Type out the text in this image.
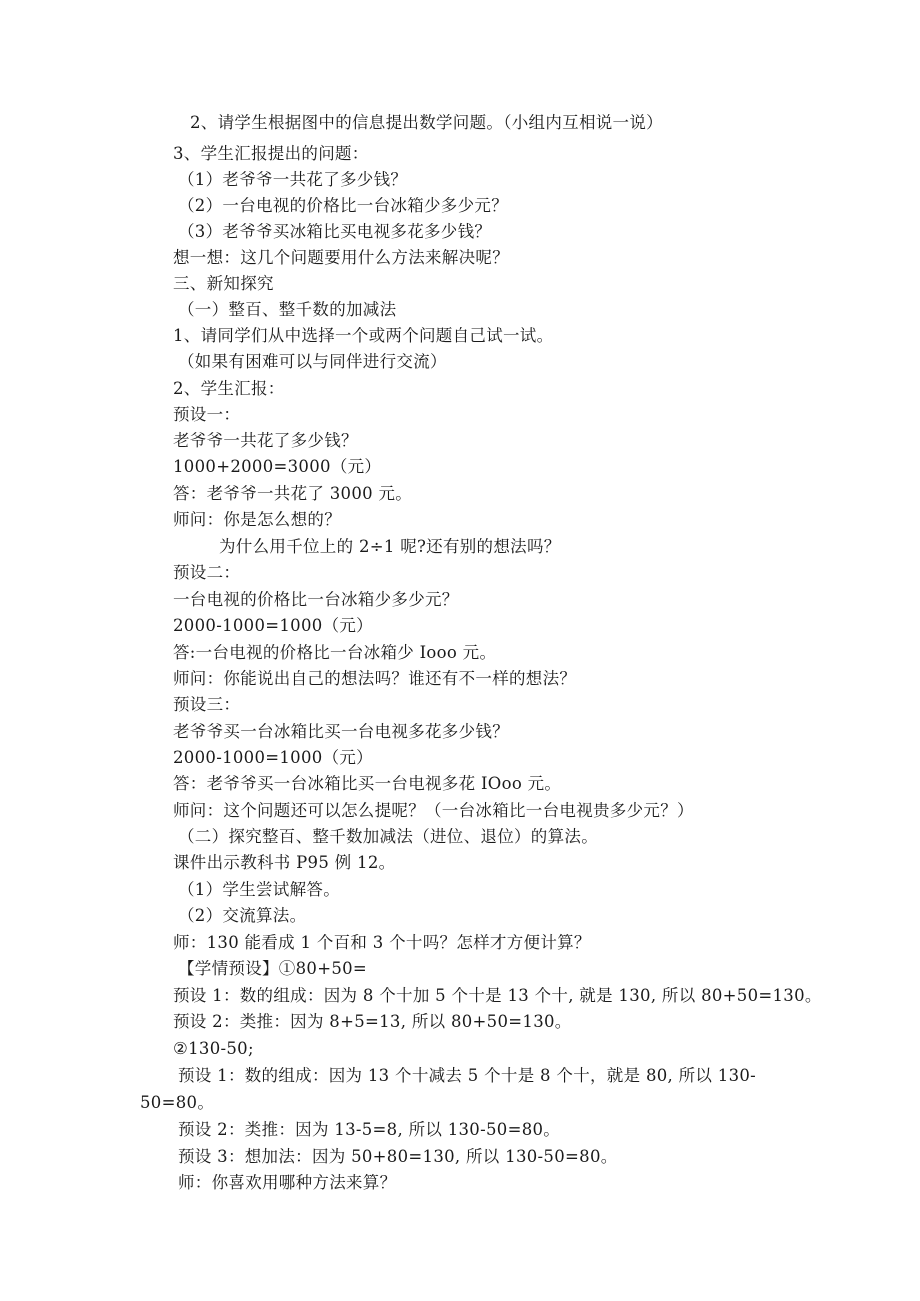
2、请学生根据图中的信息提出数学问题。（小组内互相说一说）
3、学生汇报提出的问题：
（1）老爷爷一共花了多少钱？
（2）一台电视的价格比一台冰箱少多少元？
（3）老爷爷买冰箱比买电视多花多少钱？
想一想：这几个问题要用什么方法来解决呢？
三、新知探究
（一）整百、整千数的加减法
1、请同学们从中选择一个或两个问题自己试一试。
（如果有困难可以与同伴进行交流）
2、学生汇报：
预设一：
老爷爷一共花了多少钱？
1000+2000=3000（元）
答：老爷爷一共花了 3000 元。
师问：你是怎么想的？
为什么用千位上的 2÷1 呢?还有别的想法吗？
预设二：
一台电视的价格比一台冰箱少多少元？
2000-1000=1000（元）
答:一台电视的价格比一台冰箱少 Iooo 元。
师问：你能说出自己的想法吗？谁还有不一样的想法？
预设三：
老爷爷买一台冰箱比买一台电视多花多少钱？
2000-1000=1000（元）
答：老爷爷买一台冰箱比买一台电视多花 IOoo 元。
师问：这个问题还可以怎么提呢？（一台冰箱比一台电视贵多少元？）
（二）探究整百、整千数加减法（进位、退位）的算法。
课件出示教科书 P95 例 12。
（1）学生尝试解答。
（2）交流算法。
师：130 能看成 1 个百和 3 个十吗？怎样才方便计算？
【学情预设】①80+50=
预设 1：数的组成：因为 8 个十加 5 个十是 13 个十, 就是 130, 所以 80+50=130。
预设 2：类推：因为 8+5=13, 所以 80+50=130。
②130-50;
预设 1：数的组成：因为 13 个十减去 5 个十是 8 个十，就是 80, 所以 130-
50=80。
预设 2：类推：因为 13-5=8, 所以 130-50=80。
预设 3：想加法：因为 50+80=130, 所以 130-50=80。
师：你喜欢用哪种方法来算？
